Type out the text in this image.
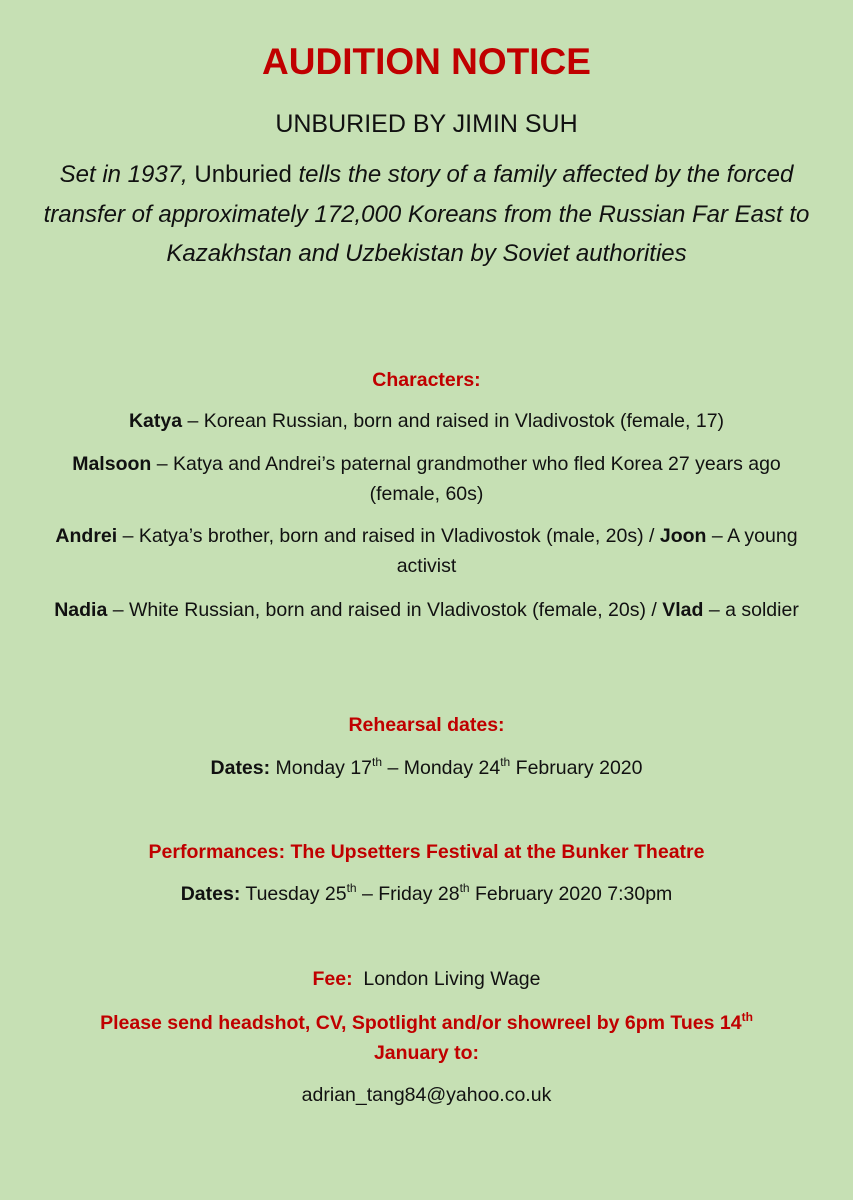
AUDITION NOTICE
UNBURIED BY JIMIN SUH
Set in 1937, Unburied tells the story of a family affected by the forced transfer of approximately 172,000 Koreans from the Russian Far East to Kazakhstan and Uzbekistan by Soviet authorities
Characters:
Katya – Korean Russian, born and raised in Vladivostok (female, 17)
Malsoon – Katya and Andrei’s paternal grandmother who fled Korea 27 years ago (female, 60s)
Andrei – Katya’s brother, born and raised in Vladivostok (male, 20s) / Joon – A young activist
Nadia – White Russian, born and raised in Vladivostok (female, 20s) / Vlad – a soldier
Rehearsal dates:
Dates: Monday 17th – Monday 24th February 2020
Performances: The Upsetters Festival at the Bunker Theatre
Dates: Tuesday 25th – Friday 28th February 2020 7:30pm
Fee:  London Living Wage
Please send headshot, CV, Spotlight and/or showreel by 6pm Tues 14th January to:
adrian_tang84@yahoo.co.uk
